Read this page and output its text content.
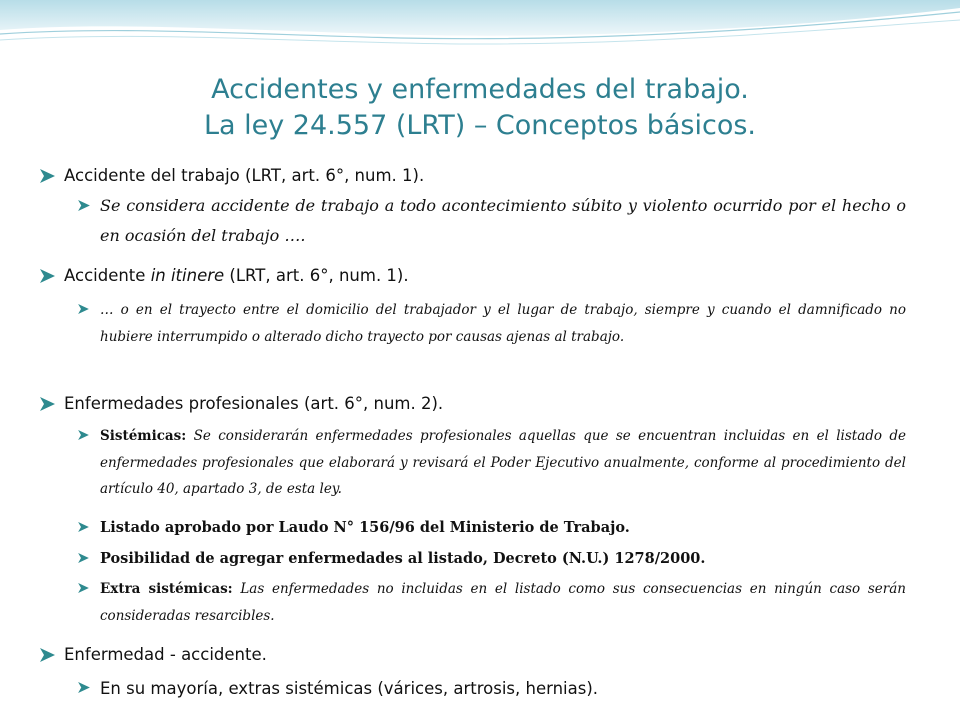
Accidentes y enfermedades del trabajo.
La ley 24.557 (LRT) – Conceptos básicos.
Accidente del trabajo (LRT, art. 6°, num. 1).
Se considera accidente de trabajo a todo acontecimiento súbito y violento ocurrido por el hecho o en ocasión del trabajo ….
Accidente in itinere (LRT, art. 6°, num. 1).
… o en el trayecto entre el domicilio del trabajador y el lugar de trabajo, siempre y cuando el damnificado no hubiere interrumpido o alterado dicho trayecto por causas ajenas al trabajo.
Enfermedades profesionales (art. 6°, num. 2).
Sistémicas: Se considerarán enfermedades profesionales aquellas que se encuentran incluidas en el listado de enfermedades profesionales que elaborará y revisará el Poder Ejecutivo anualmente, conforme al procedimiento del artículo 40, apartado 3, de esta ley.
Listado aprobado por Laudo N° 156/96 del Ministerio de Trabajo.
Posibilidad de agregar enfermedades al listado, Decreto (N.U.) 1278/2000.
Extra sistémicas: Las enfermedades no incluidas en el listado como sus consecuencias en ningún caso serán consideradas resarcibles.
Enfermedad - accidente.
En su mayoría, extras sistémicas (várices, artrosis, hernias).
